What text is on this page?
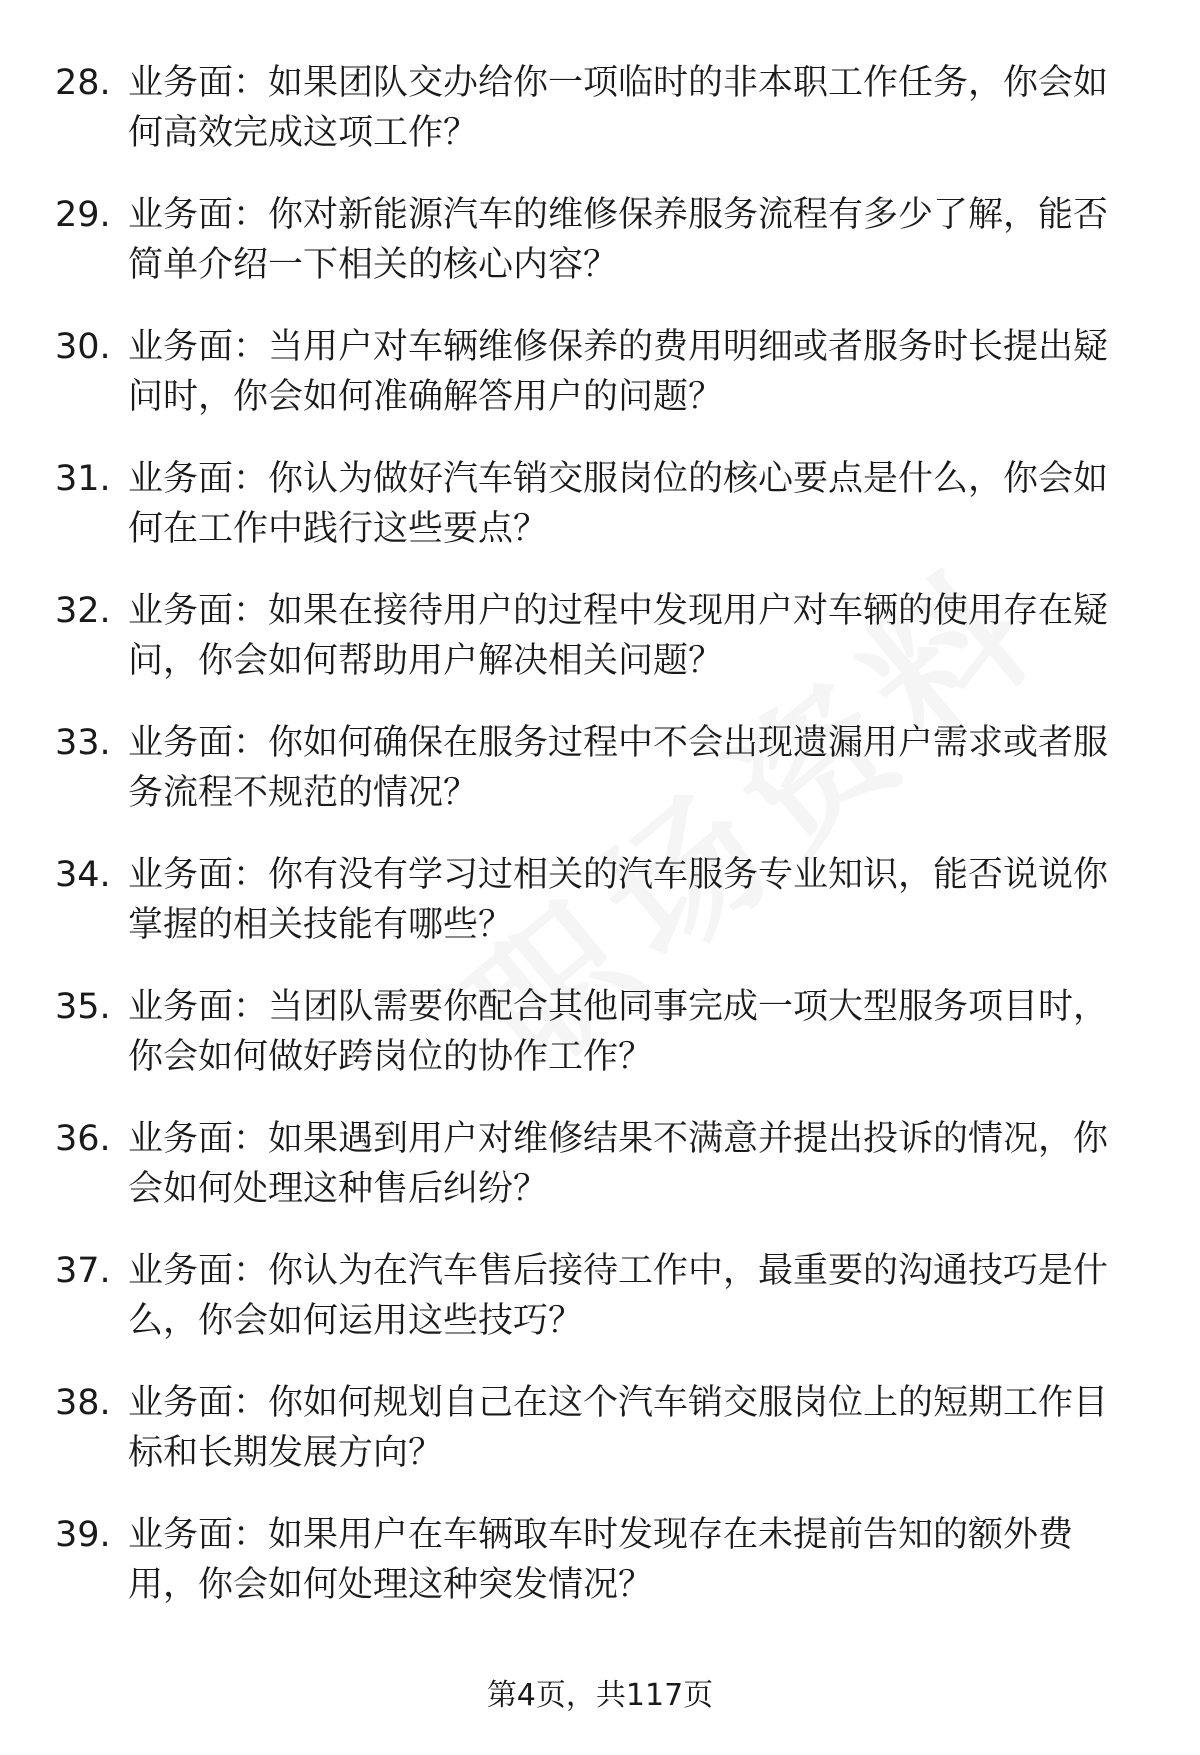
28. 业务面：如果团队交办给你一项临时的非本职工作任务，你会如何高效完成这项工作？
29. 业务面：你对新能源汽车的维修保养服务流程有多少了解，能否简单介绍一下相关的核心内容？
30. 业务面：当用户对车辆维修保养的费用明细或者服务时长提出疑问时，你会如何准确解答用户的问题？
31. 业务面：你认为做好汽车销交服岗位的核心要点是什么，你会如何在工作中践行这些要点？
32. 业务面：如果在接待用户的过程中发现用户对车辆的使用存在疑问，你会如何帮助用户解决相关问题？
33. 业务面：你如何确保在服务过程中不会出现遗漏用户需求或者服务流程不规范的情况？
34. 业务面：你有没有学习过相关的汽车服务专业知识，能否说说你掌握的相关技能有哪些？
35. 业务面：当团队需要你配合其他同事完成一项大型服务项目时，你会如何做好跨岗位的协作工作？
36. 业务面：如果遇到用户对维修结果不满意并提出投诉的情况，你会如何处理这种售后纠纷？
37. 业务面：你认为在汽车售后接待工作中，最重要的沟通技巧是什么，你会如何运用这些技巧？
38. 业务面：你如何规划自己在这个汽车销交服岗位上的短期工作目标和长期发展方向？
39. 业务面：如果用户在车辆取车时发现存在未提前告知的额外费用，你会如何处理这种突发情况？
第4页，共117页
